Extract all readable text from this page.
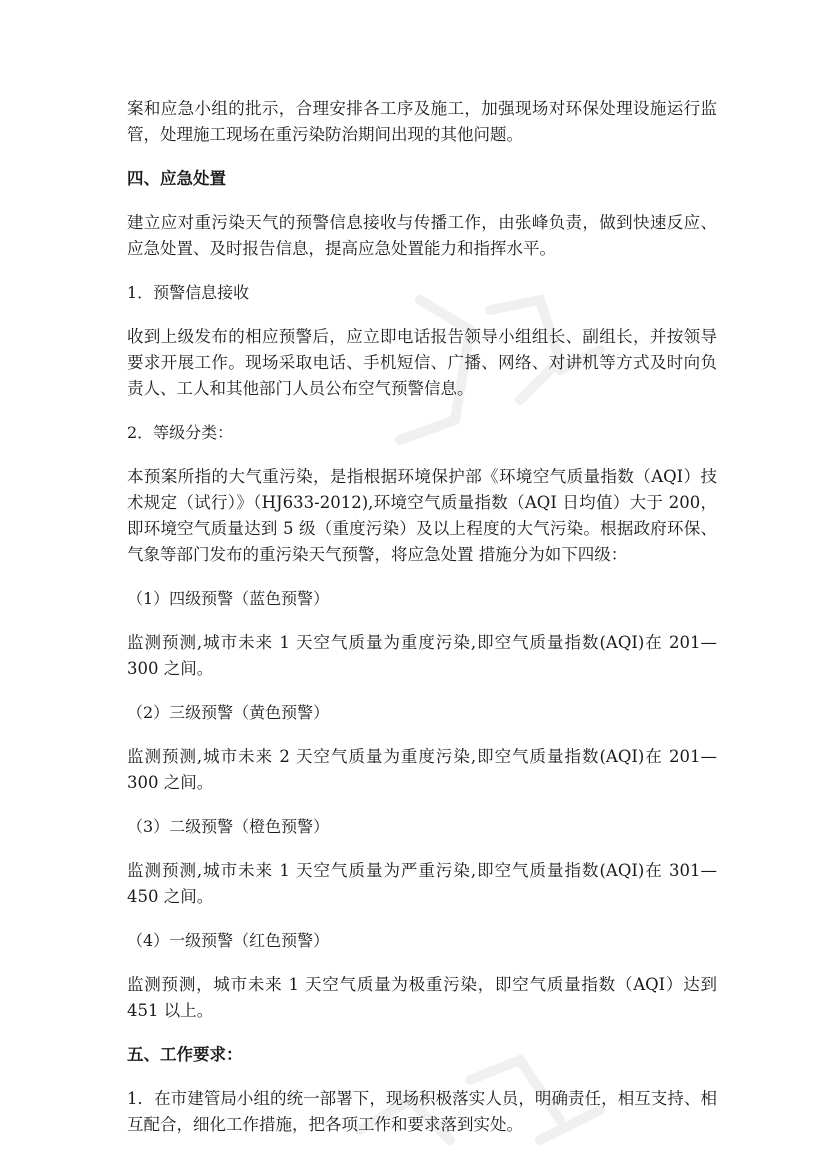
案和应急小组的批示，合理安排各工序及施工，加强现场对环保处理设施运行监管，处理施工现场在重污染防治期间出现的其他问题。

四、应急处置

建立应对重污染天气的预警信息接收与传播工作，由张峰负责，做到快速反应、应急处置、及时报告信息，提高应急处置能力和指挥水平。

1．预警信息接收

收到上级发布的相应预警后，应立即电话报告领导小组组长、副组长，并按领导要求开展工作。现场采取电话、手机短信、广播、网络、对讲机等方式及时向负责人、工人和其他部门人员公布空气预警信息。

2．等级分类：

本预案所指的大气重污染，是指根据环境保护部《环境空气质量指数（AQI）技术规定（试行）》（HJ633-2012),环境空气质量指数（AQI 日均值）大于 200，即环境空气质量达到 5 级（重度污染）及以上程度的大气污染。根据政府环保、气象等部门发布的重污染天气预警，将应急处置 措施分为如下四级：

（1）四级预警（蓝色预警）

监测预测,城市未来 1 天空气质量为重度污染,即空气质量指数(AQI)在 201—300 之间。

（2）三级预警（黄色预警）

监测预测,城市未来 2 天空气质量为重度污染,即空气质量指数(AQI)在 201—300 之间。

（3）二级预警（橙色预警）

监测预测,城市未来 1 天空气质量为严重污染,即空气质量指数(AQI)在 301—450 之间。

（4）一级预警（红色预警）

监测预测，城市未来 1 天空气质量为极重污染，即空气质量指数（AQI）达到 451 以上。

五、工作要求：

1．在市建管局小组的统一部署下，现场积极落实人员，明确责任，相互支持、相互配合，细化工作措施，把各项工作和要求落到实处。
